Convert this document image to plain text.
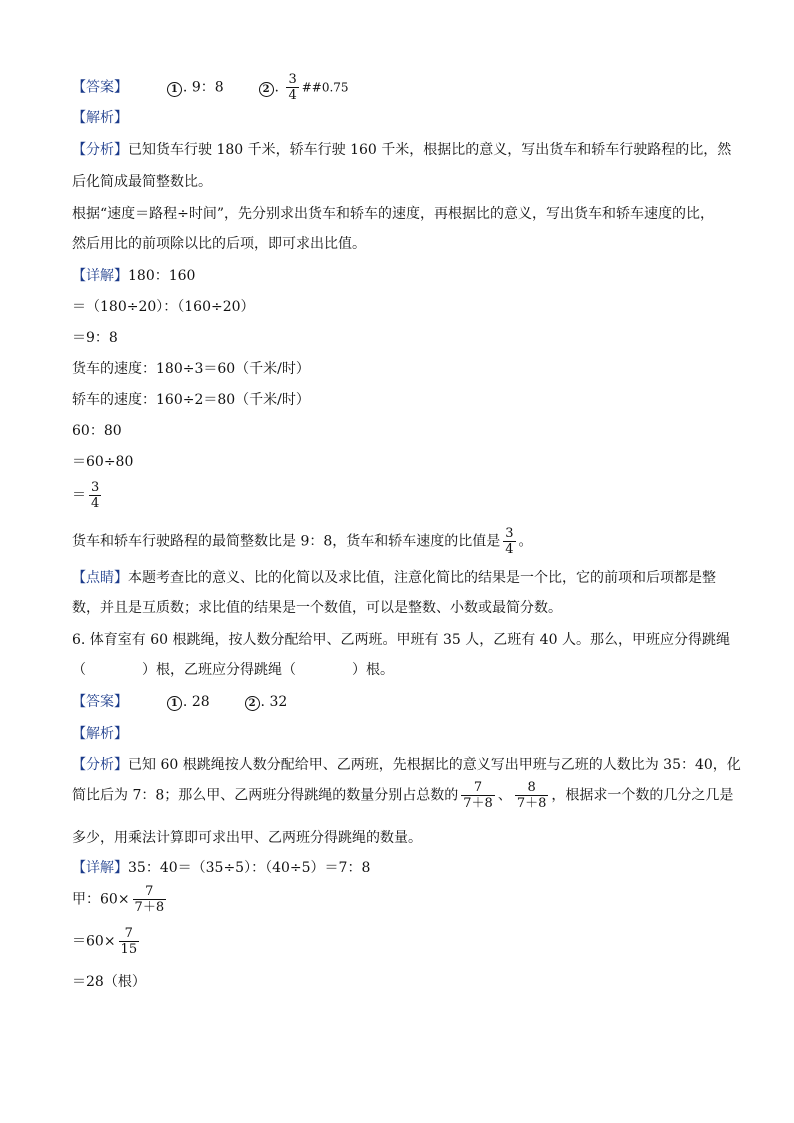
【答案】	1 . 9：8	2 . $\frac{3}{4}$ ##0.75
【解析】
【分析】已知货车行驶 180 千米，轿车行驶 160 千米，根据比的意义，写出货车和轿车行驶路程的比，然
后化简成最简整数比。
根据“速度＝路程÷时间”，先分别求出货车和轿车的速度，再根据比的意义，写出货车和轿车速度的比，
然后用比的前项除以比的后项，即可求出比值。
【详解】180：160
＝（180÷20）：（160÷20）
＝9：8
货车的速度：180÷3＝60（千米/时）
轿车的速度：160÷2＝80（千米/时）
60：80
＝60÷80
＝ $\frac{3}{4}$
货车和轿车行驶路程的最简整数比是 9：8，货车和轿车速度的比值是 $\frac{3}{4}$ 。
【点睛】本题考查比的意义、比的化简以及求比值，注意化简比的结果是一个比，它的前项和后项都是整
数，并且是互质数；求比值的结果是一个数值，可以是整数、小数或最简分数。
6. 体育室有 60 根跳绳，按人数分配给甲、乙两班。甲班有 35 人，乙班有 40 人。那么，甲班应分得跳绳
（　　　　）根，乙班应分得跳绳（　　　　）根。
【答案】	1 . 28	2 . 32
【解析】
【分析】已知 60 根跳绳按人数分配给甲、乙两班，先根据比的意义写出甲班与乙班的人数比为 35：40，化
简比后为 7：8；那么甲、乙两班分得跳绳的数量分别占总数的 $\frac{7}{7+8}$ 、 $\frac{8}{7+8}$ ，根据求一个数的几分之几是
多少，用乘法计算即可求出甲、乙两班分得跳绳的数量。
【详解】35：40＝（35÷5）：（40÷5）＝7：8
甲：$60\times \frac{7}{7+8}$
$=60\times \frac{7}{15}$
＝28（根）
